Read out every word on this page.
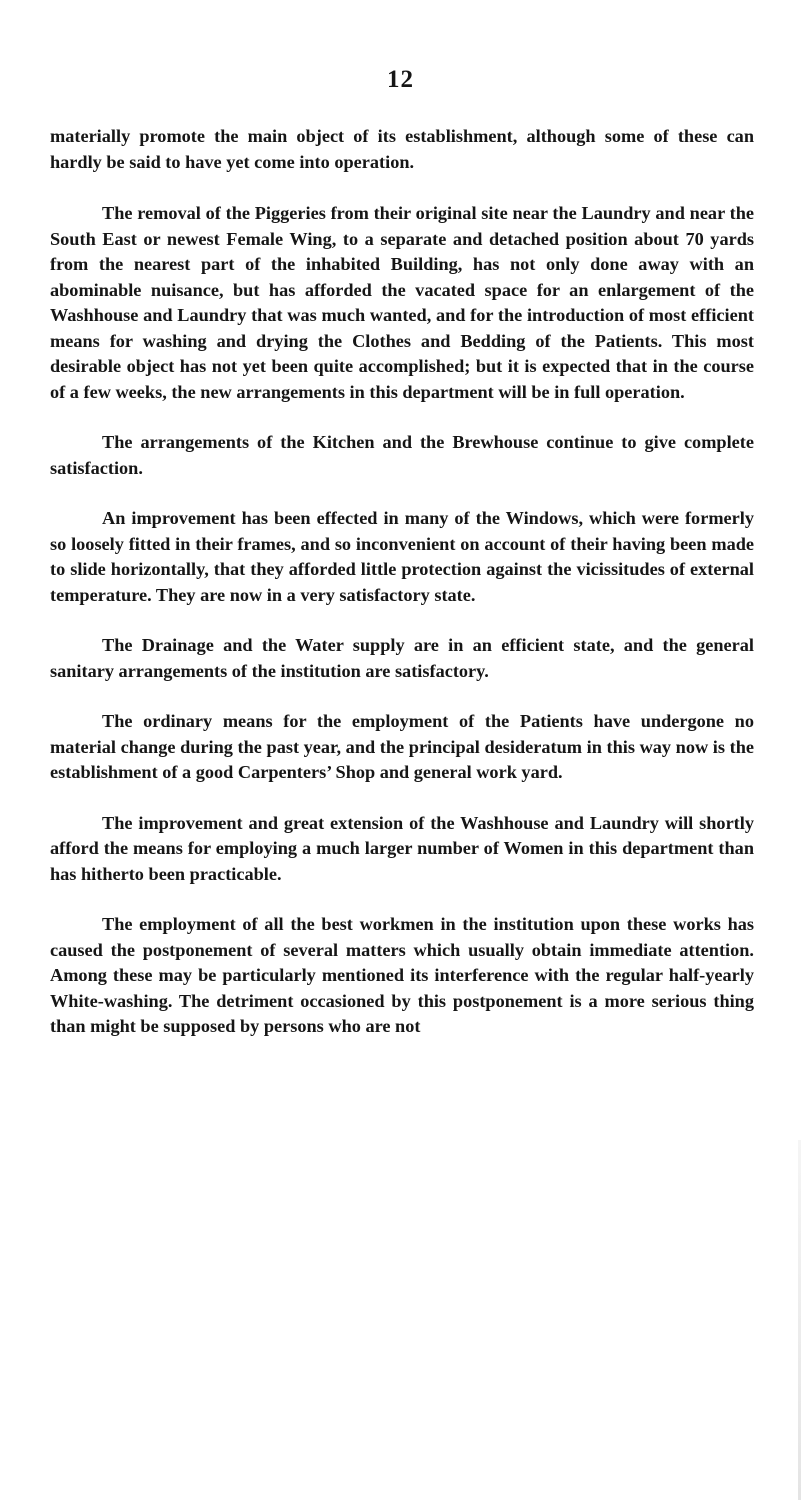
12

materially promote the main object of its establishment, although some of these can hardly be said to have yet come into operation.

The removal of the Piggeries from their original site near the Laundry and near the South East or newest Female Wing, to a separate and detached position about 70 yards from the nearest part of the inhabited Building, has not only done away with an abominable nuisance, but has afforded the vacated space for an enlargement of the Washhouse and Laundry that was much wanted, and for the introduction of most efficient means for washing and drying the Clothes and Bedding of the Patients. This most desirable object has not yet been quite accomplished; but it is expected that in the course of a few weeks, the new arrangements in this department will be in full operation.

The arrangements of the Kitchen and the Brewhouse continue to give complete satisfaction.

An improvement has been effected in many of the Windows, which were formerly so loosely fitted in their frames, and so inconvenient on account of their having been made to slide horizontally, that they afforded little protection against the vicissitudes of external temperature. They are now in a very satisfactory state.

The Drainage and the Water supply are in an efficient state, and the general sanitary arrangements of the institution are satisfactory.

The ordinary means for the employment of the Patients have undergone no material change during the past year, and the principal desideratum in this way now is the establishment of a good Carpenters’ Shop and general work yard.

The improvement and great extension of the Washhouse and Laundry will shortly afford the means for employing a much larger number of Women in this department than has hitherto been practicable.

The employment of all the best workmen in the institution upon these works has caused the postponement of several matters which usually obtain immediate attention. Among these may be particularly mentioned its interference with the regular half-yearly White-washing. The detriment occasioned by this postponement is a more serious thing than might be supposed by persons who are not
